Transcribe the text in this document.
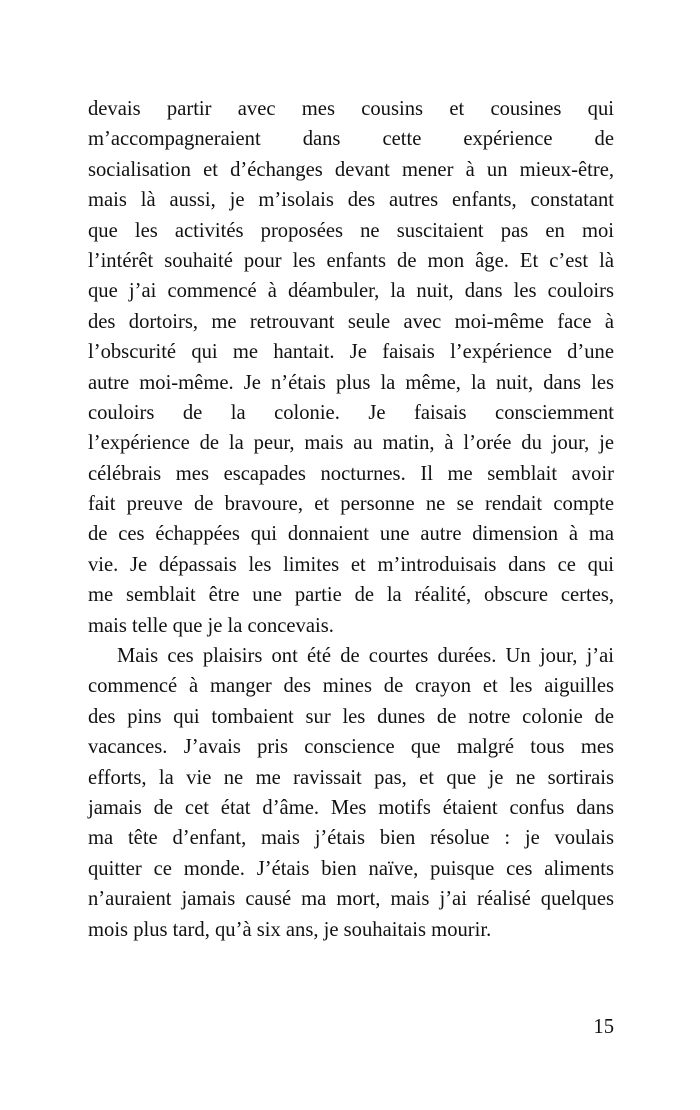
devais partir avec mes cousins et cousines qui
m’accompagneraient dans cette expérience de
socialisation et d’échanges devant mener à un mieux-être,
mais là aussi, je m’isolais des autres enfants, constatant
que les activités proposées ne suscitaient pas en moi
l’intérêt souhaité pour les enfants de mon âge. Et c’est là
que j’ai commencé à déambuler, la nuit, dans les couloirs
des dortoirs, me retrouvant seule avec moi-même face à
l’obscurité qui me hantait. Je faisais l’expérience d’une
autre moi-même. Je n’étais plus la même, la nuit, dans les
couloirs de la colonie. Je faisais consciemment
l’expérience de la peur, mais au matin, à l’orée du jour, je
célébrais mes escapades nocturnes. Il me semblait avoir
fait preuve de bravoure, et personne ne se rendait compte
de ces échappées qui donnaient une autre dimension à ma
vie. Je dépassais les limites et m’introduisais dans ce qui
me semblait être une partie de la réalité, obscure certes,
mais telle que je la concevais.
Mais ces plaisirs ont été de courtes durées. Un jour, j’ai
commencé à manger des mines de crayon et les aiguilles
des pins qui tombaient sur les dunes de notre colonie de
vacances. J’avais pris conscience que malgré tous mes
efforts, la vie ne me ravissait pas, et que je ne sortirais
jamais de cet état d’âme. Mes motifs étaient confus dans
ma tête d’enfant, mais j’étais bien résolue : je voulais
quitter ce monde. J’étais bien naïve, puisque ces aliments
n’auraient jamais causé ma mort, mais j’ai réalisé quelques
mois plus tard, qu’à six ans, je souhaitais mourir.
15
